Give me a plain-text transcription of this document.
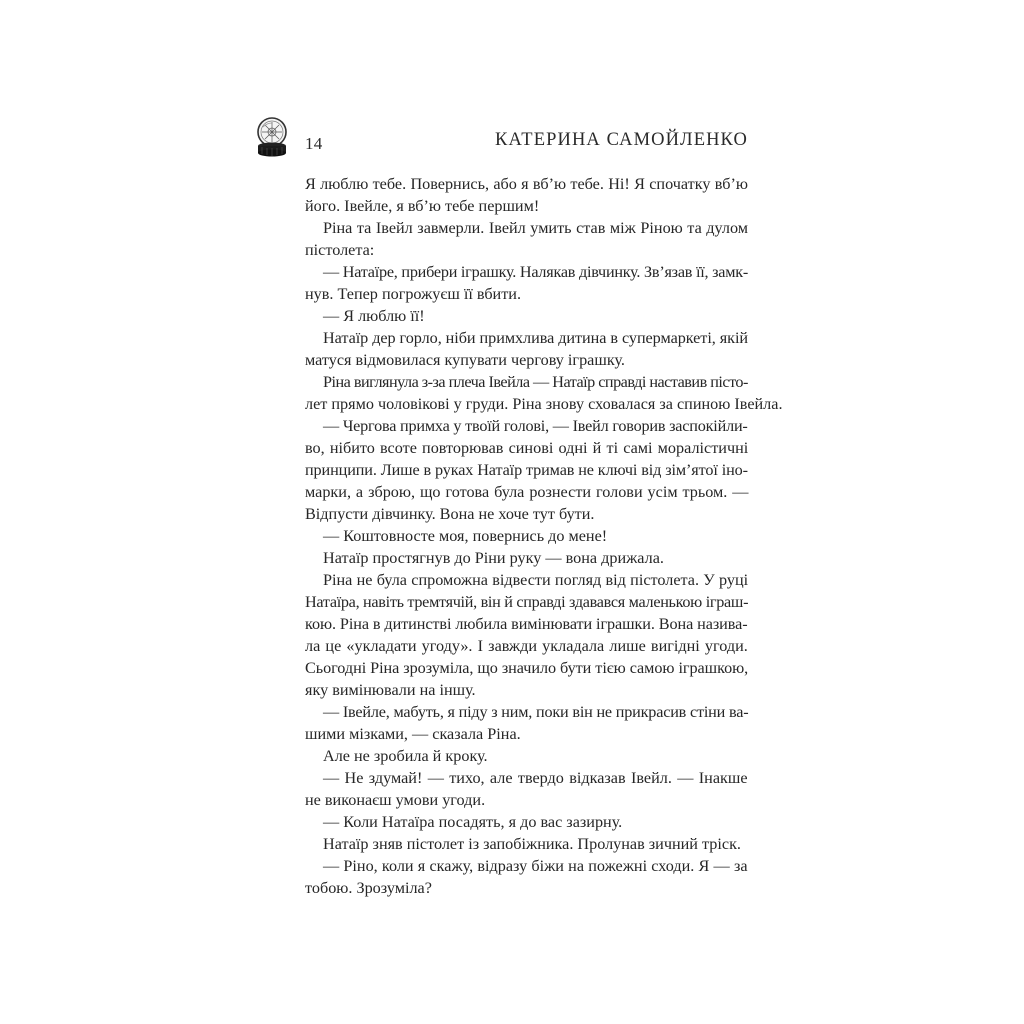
14	КАТЕРИНА САМОЙЛЕНКО
Я люблю тебе. Повернись, або я вб’ю тебе. Ні! Я спочатку вб’ю
його. Івейле, я вб’ю тебе першим!
Ріна та Івейл завмерли. Івейл умить став між Ріною та дулом
пістолета:
— Натаїре, прибери іграшку. Налякав дівчинку. Зв’язав її, замк-
нув. Тепер погрожуєш її вбити.
— Я люблю її!
Натаїр дер горло, ніби примхлива дитина в супермаркеті, якій
матуся відмовилася купувати чергову іграшку.
Ріна виглянула з-за плеча Івейла — Натаїр справді наставив пісто-
лет прямо чоловікові у груди. Ріна знову сховалася за спиною Івейла.
— Чергова примха у твоїй голові, — Івейл говорив заспокійли-
во, нібито всоте повторював синові одні й ті самі моралістичні
принципи. Лише в руках Натаїр тримав не ключі від зім’ятої іно-
марки, а зброю, що готова була рознести голови усім трьом. —
Відпусти дівчинку. Вона не хоче тут бути.
— Коштовносте моя, повернись до мене!
Натаїр простягнув до Ріни руку — вона дрижала.
Ріна не була спроможна відвести погляд від пістолета. У руці
Натаїра, навіть тремтячій, він й справді здавався маленькою іграш-
кою. Ріна в дитинстві любила вимінювати іграшки. Вона назива-
ла це «укладати угоду». І завжди укладала лише вигідні угоди.
Сьогодні Ріна зрозуміла, що значило бути тією самою іграшкою,
яку вимінювали на іншу.
— Івейле, мабуть, я піду з ним, поки він не прикрасив стіни ва-
шими мізками, — сказала Ріна.
Але не зробила й кроку.
— Не здумай! — тихо, але твердо відказав Івейл. — Інакше
не виконаєш умови угоди.
— Коли Натаїра посадять, я до вас зазирну.
Натаїр зняв пістолет із запобіжника. Пролунав зичний тріск.
— Ріно, коли я скажу, відразу біжи на пожежні сходи. Я — за
тобою. Зрозуміла?
